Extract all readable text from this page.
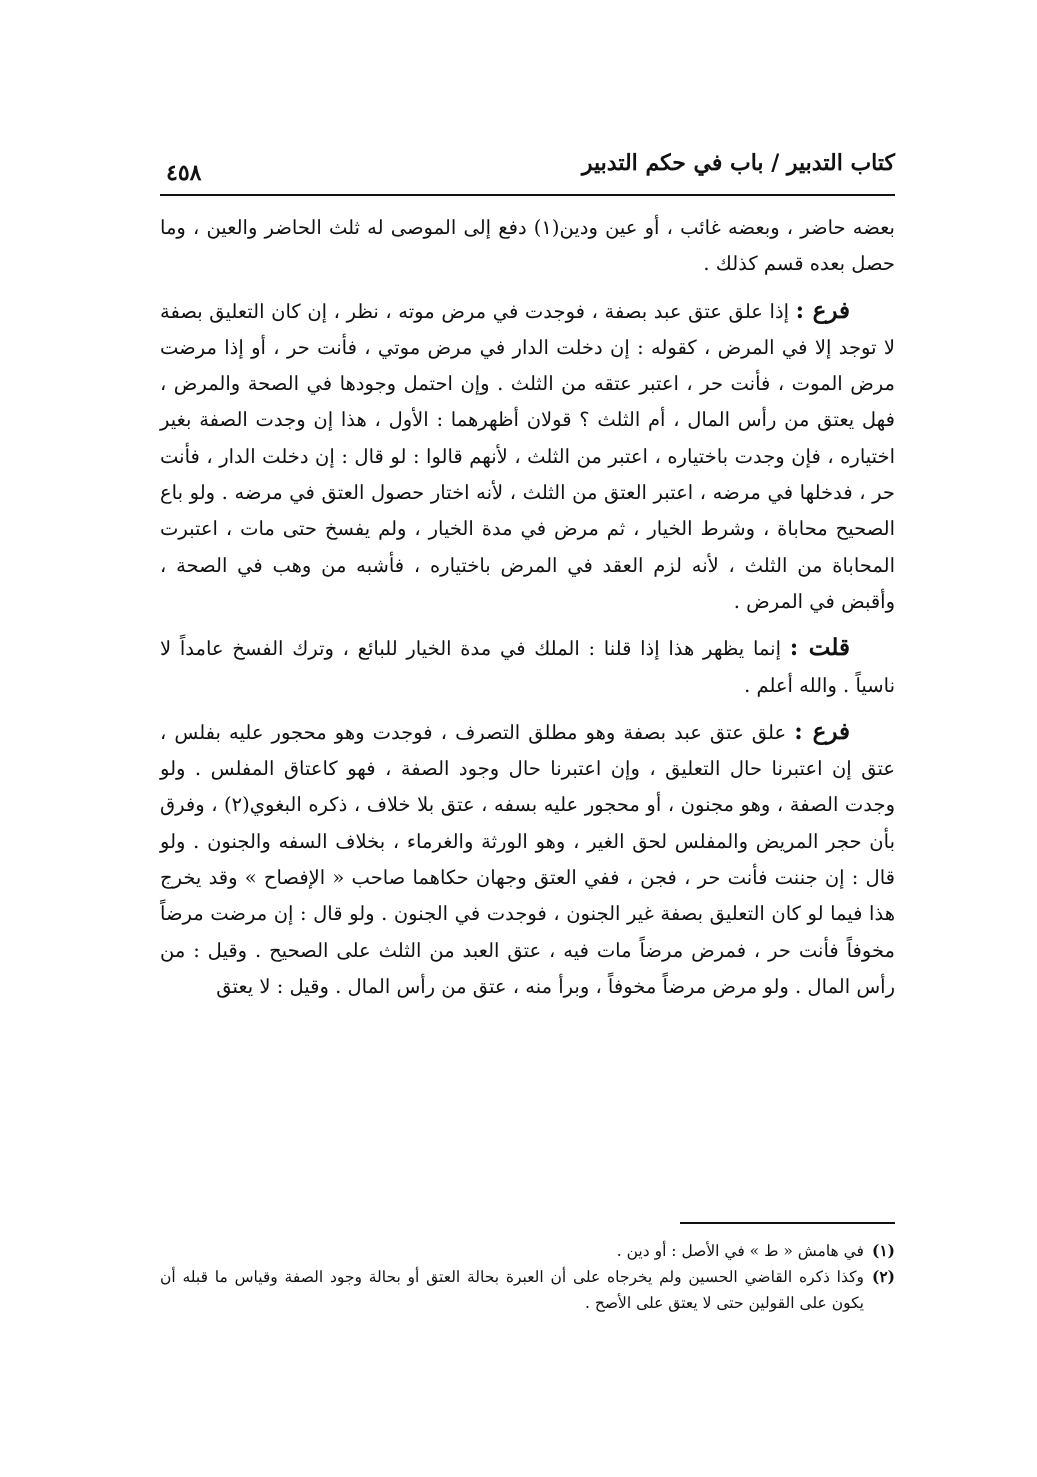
كتاب التدبير / باب في حكم التدبير
٤٥٨

بعضه حاضر ، وبعضه غائب ، أو عين ودين(١) دفع إلى الموصى له ثلث الحاضر والعين ، وما حصل بعده قسم كذلك .

فرع : إذا علق عتق عبد بصفة ، فوجدت في مرض موته ، نظر ، إن كان التعليق بصفة لا توجد إلا في المرض ، كقوله : إن دخلت الدار في مرض موتي ، فأنت حر ، أو إذا مرضت مرض الموت ، فأنت حر ، اعتبر عتقه من الثلث . وإن احتمل وجودها في الصحة والمرض ، فهل يعتق من رأس المال ، أم الثلث ؟ قولان أظهرهما : الأول ، هذا إن وجدت الصفة بغير اختياره ، فإن وجدت باختياره ، اعتبر من الثلث ، لأنهم قالوا : لو قال : إن دخلت الدار ، فأنت حر ، فدخلها في مرضه ، اعتبر العتق من الثلث ، لأنه اختار حصول العتق في مرضه . ولو باع الصحيح محاباة ، وشرط الخيار ، ثم مرض في مدة الخيار ، ولم يفسخ حتى مات ، اعتبرت المحاباة من الثلث ، لأنه لزم العقد في المرض باختياره ، فأشبه من وهب في الصحة ، وأقبض في المرض .

قلت : إنما يظهر هذا إذا قلنا : الملك في مدة الخيار للبائع ، وترك الفسخ عامداً لا ناسياً . والله أعلم .

فرع : علق عتق عبد بصفة وهو مطلق التصرف ، فوجدت وهو محجور عليه بفلس ، عتق إن اعتبرنا حال التعليق ، وإن اعتبرنا حال وجود الصفة ، فهو كاعتاق المفلس . ولو وجدت الصفة ، وهو مجنون ، أو محجور عليه بسفه ، عتق بلا خلاف ، ذكره البغوي(٢) ، وفرق بأن حجر المريض والمفلس لحق الغير ، وهو الورثة والغرماء ، بخلاف السفه والجنون . ولو قال : إن جننت فأنت حر ، فجن ، ففي العتق وجهان حكاهما صاحب « الإفصاح » وقد يخرج هذا فيما لو كان التعليق بصفة غير الجنون ، فوجدت في الجنون . ولو قال : إن مرضت مرضاً مخوفاً فأنت حر ، فمرض مرضاً مات فيه ، عتق العبد من الثلث على الصحيح . وقيل : من رأس المال . ولو مرض مرضاً مخوفاً ، وبرأ منه ، عتق من رأس المال . وقيل : لا يعتق

(١)
في هامش « ط » في الأصل : أو دين .
(٢)
وكذا ذكره القاضي الحسين ولم يخرجاه على أن العبرة بحالة العتق أو بحالة وجود الصفة وقياس ما قبله أن يكون على القولين حتى لا يعتق على الأصح .
